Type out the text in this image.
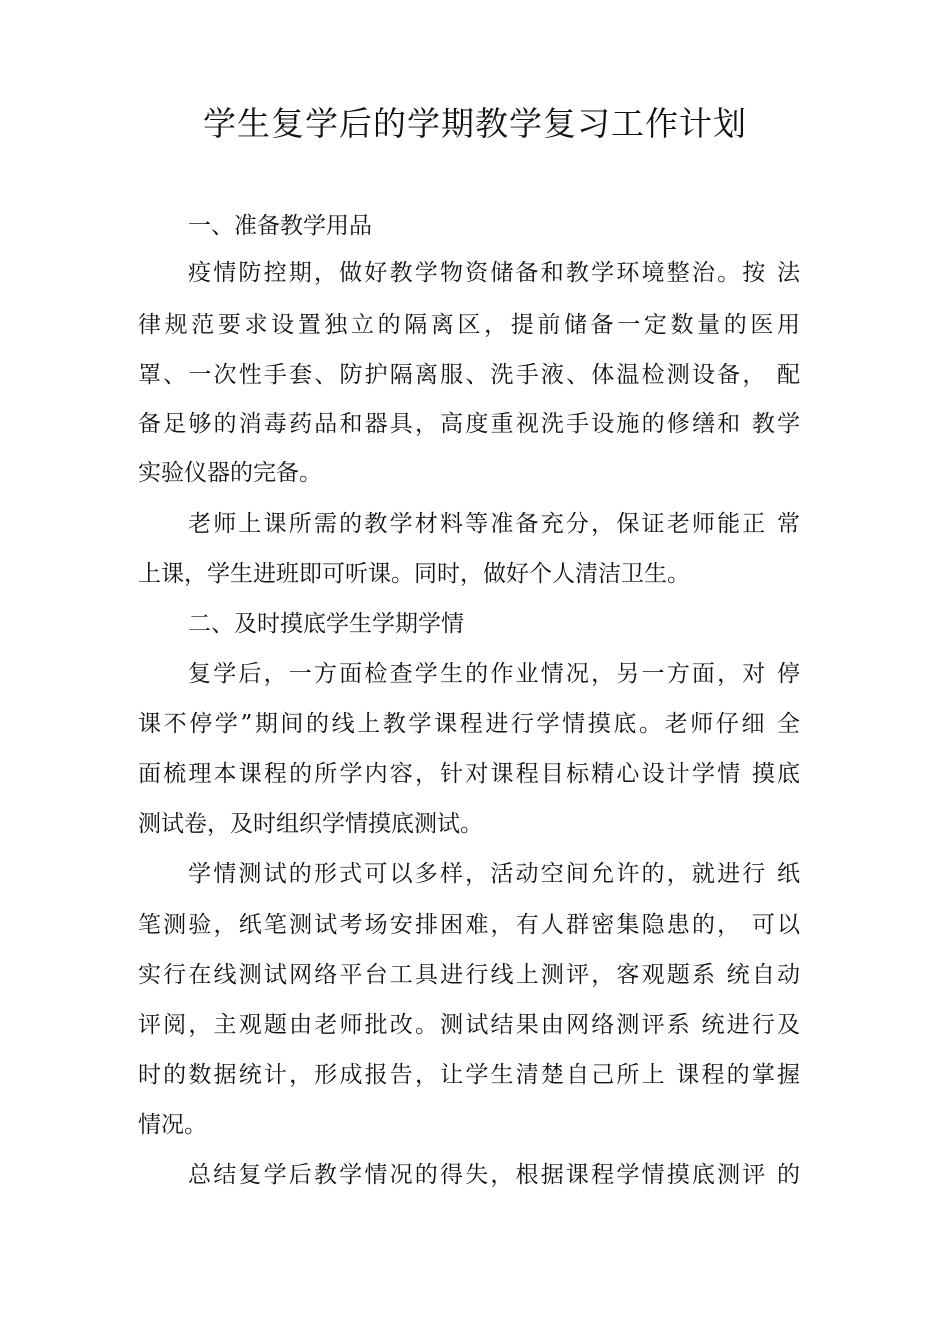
学生复学后的学期教学复习工作计划
一、准备教学用品
疫情防控期，做好教学物资储备和教学环境整治。按 法
律规范要求设置独立的隔离区，提前储备一定数量的医用
罩、一次性手套、防护隔离服、洗手液、体温检测设备， 配
备足够的消毒药品和器具，高度重视洗手设施的修缮和 教学
实验仪器的完备。
老师上课所需的教学材料等准备充分，保证老师能正 常
上课，学生进班即可听课。同时，做好个人清洁卫生。
二、及时摸底学生学期学情
复学后，一方面检查学生的作业情况，另一方面，对 停
课不停学”期间的线上教学课程进行学情摸底。老师仔细 全
面梳理本课程的所学内容，针对课程目标精心设计学情 摸底
测试卷，及时组织学情摸底测试。
学情测试的形式可以多样，活动空间允许的，就进行 纸
笔测验，纸笔测试考场安排困难，有人群密集隐患的， 可以
实行在线测试网络平台工具进行线上测评，客观题系 统自动
评阅，主观题由老师批改。测试结果由网络测评系 统进行及
时的数据统计，形成报告，让学生清楚自己所上 课程的掌握
情况。
总结复学后教学情况的得失，根据课程学情摸底测评 的
